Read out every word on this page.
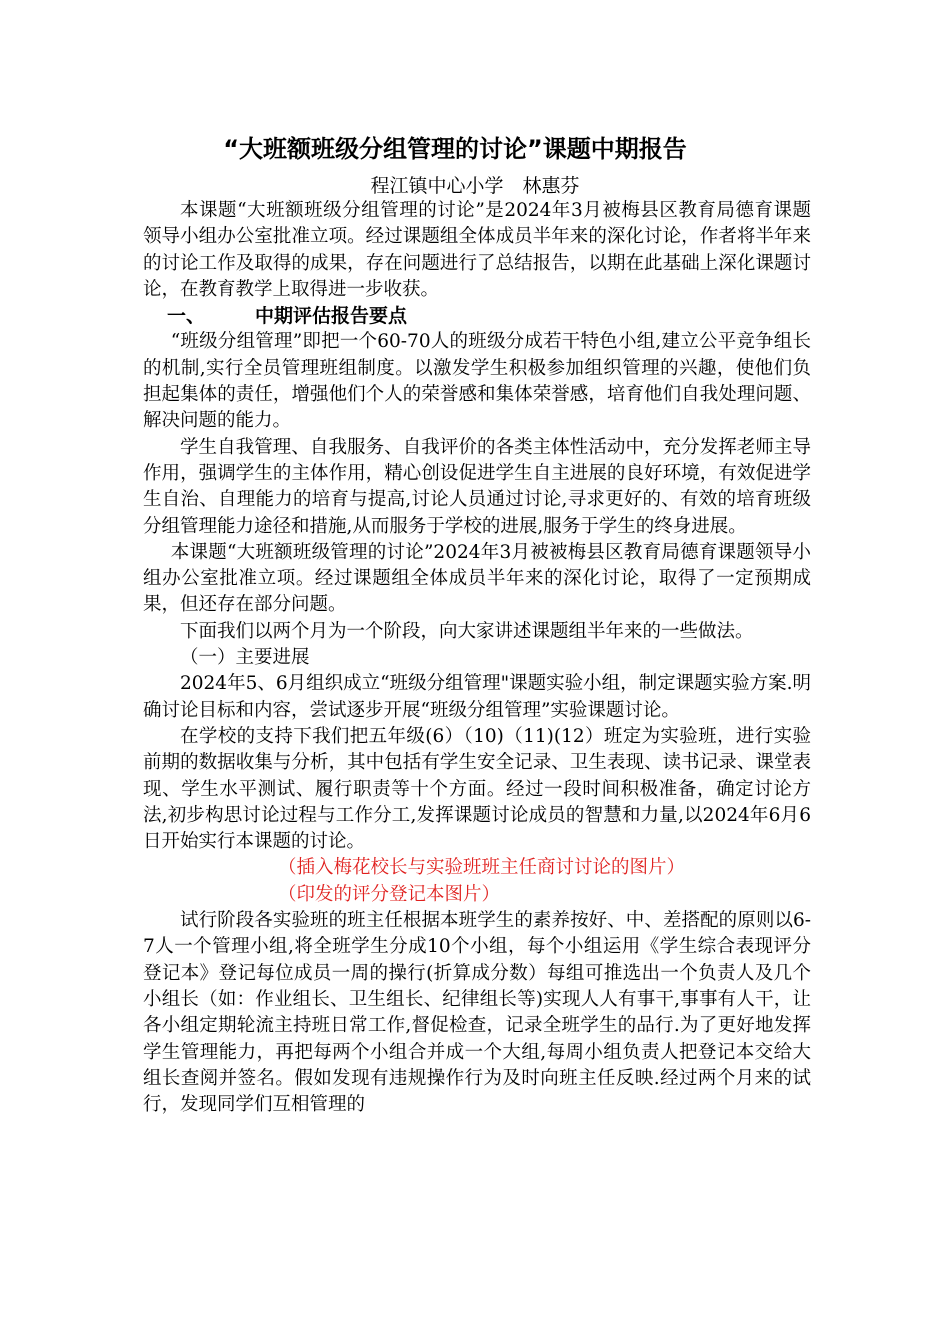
“大班额班级分组管理的讨论”课题中期报告
程江镇中心小学　林惠芬

本课题“大班额班级分组管理的讨论”是2024年3月被梅县区教育局德育课题领导小组办公室批准立项。经过课题组全体成员半年来的深化讨论，作者将半年来的讨论工作及取得的成果，存在问题进行了总结报告，以期在此基础上深化课题讨论，在教育教学上取得进一步收获。

一、	中期评估报告要点

“班级分组管理”即把一个60-70人的班级分成若干特色小组,建立公平竞争组长的机制,实行全员管理班组制度。以激发学生积极参加组织管理的兴趣，使他们负担起集体的责任，增强他们个人的荣誉感和集体荣誉感，培育他们自我处理问题、解决问题的能力。

学生自我管理、自我服务、自我评价的各类主体性活动中，充分发挥老师主导作用，强调学生的主体作用，精心创设促进学生自主进展的良好环境，有效促进学生自治、自理能力的培育与提高,讨论人员通过讨论,寻求更好的、有效的培育班级分组管理能力途径和措施,从而服务于学校的进展,服务于学生的终身进展。

本课题“大班额班级管理的讨论”2024年3月被被梅县区教育局德育课题领导小组办公室批准立项。经过课题组全体成员半年来的深化讨论，取得了一定预期成果，但还存在部分问题。

下面我们以两个月为一个阶段，向大家讲述课题组半年来的一些做法。

（一）主要进展

2024年5、6月组织成立“班级分组管理"课题实验小组，制定课题实验方案.明确讨论目标和内容，尝试逐步开展“班级分组管理”实验课题讨论。

在学校的支持下我们把五年级(6）（10)（11)(12）班定为实验班，进行实验前期的数据收集与分析，其中包括有学生安全记录、卫生表现、读书记录、课堂表现、学生水平测试、履行职责等十个方面。经过一段时间积极准备，确定讨论方法,初步构思讨论过程与工作分工,发挥课题讨论成员的智慧和力量,以2024年6月6日开始实行本课题的讨论。

（插入梅花校长与实验班班主任商讨讨论的图片）
（印发的评分登记本图片）

试行阶段各实验班的班主任根据本班学生的素养按好、中、差搭配的原则以6-7人一个管理小组,将全班学生分成10个小组，每个小组运用《学生综合表现评分登记本》登记每位成员一周的操行(折算成分数）每组可推选出一个负责人及几个小组长（如：作业组长、卫生组长、纪律组长等)实现人人有事干,事事有人干，让各小组定期轮流主持班日常工作,督促检查，记录全班学生的品行.为了更好地发挥学生管理能力，再把每两个小组合并成一个大组,每周小组负责人把登记本交给大组长查阅并签名。假如发现有违规操作行为及时向班主任反映.经过两个月来的试行，发现同学们互相管理的
